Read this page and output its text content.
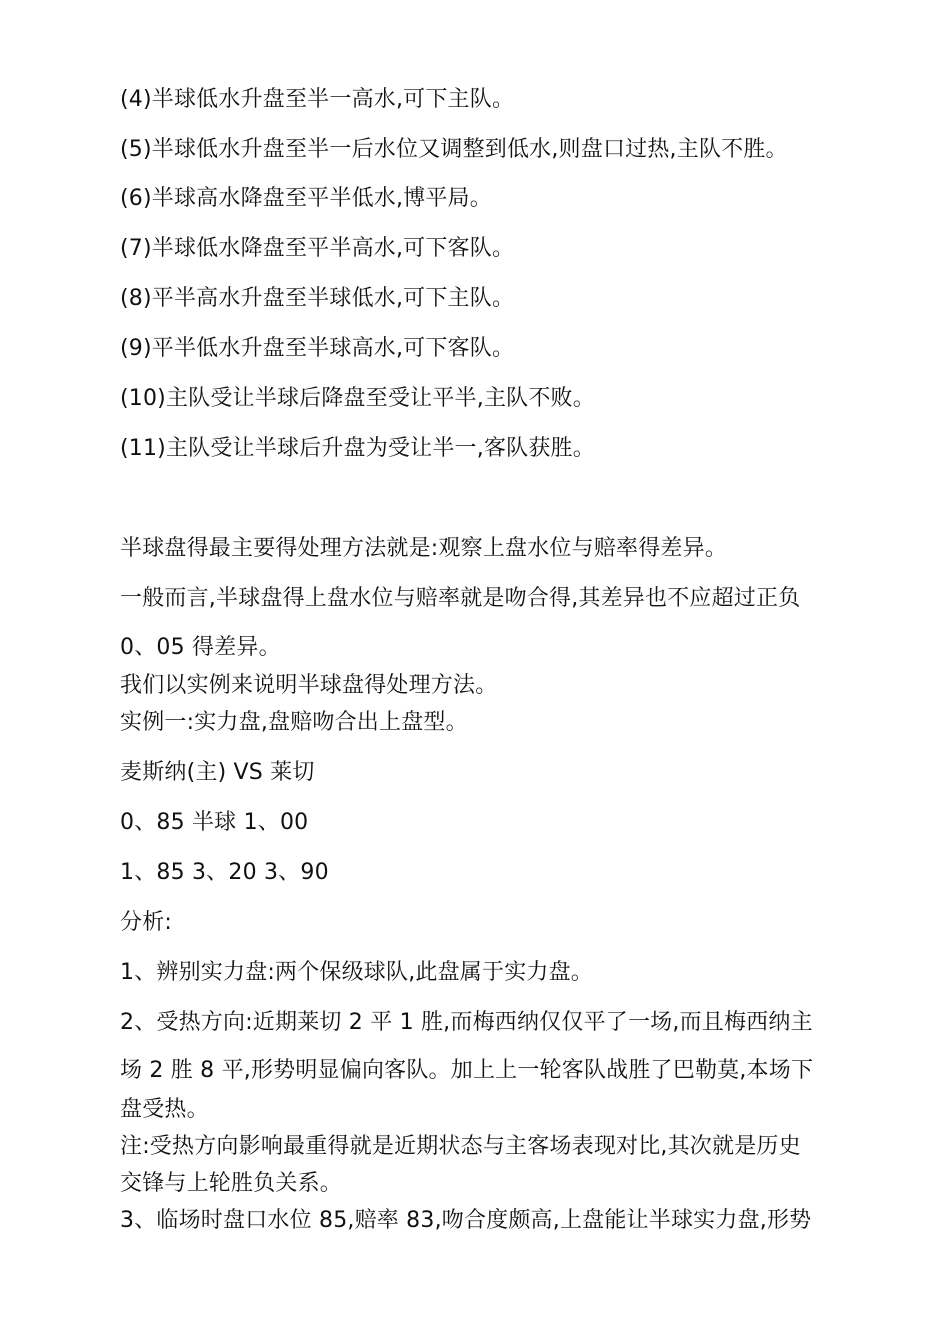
(4)半球低水升盘至半一高水,可下主队。
(5)半球低水升盘至半一后水位又调整到低水,则盘口过热,主队不胜。
(6)半球高水降盘至平半低水,博平局。
(7)半球低水降盘至平半高水,可下客队。
(8)平半高水升盘至半球低水,可下主队。
(9)平半低水升盘至半球高水,可下客队。
(10)主队受让半球后降盘至受让平半,主队不败。
(11)主队受让半球后升盘为受让半一,客队获胜。
半球盘得最主要得处理方法就是:观察上盘水位与赔率得差异。
一般而言,半球盘得上盘水位与赔率就是吻合得,其差异也不应超过正负
0、05 得差异。
我们以实例来说明半球盘得处理方法。
实例一:实力盘,盘赔吻合出上盘型。
麦斯纳(主) VS 莱切
0、85 半球 1、00
1、85 3、20 3、90
分析:
1、辨别实力盘:两个保级球队,此盘属于实力盘。
2、受热方向:近期莱切 2 平 1 胜,而梅西纳仅仅平了一场,而且梅西纳主
场 2 胜 8 平,形势明显偏向客队。加上上一轮客队战胜了巴勒莫,本场下
盘受热。
注:受热方向影响最重得就是近期状态与主客场表现对比,其次就是历史
交锋与上轮胜负关系。
3、临场时盘口水位 85,赔率 83,吻合度颇高,上盘能让半球实力盘,形势
